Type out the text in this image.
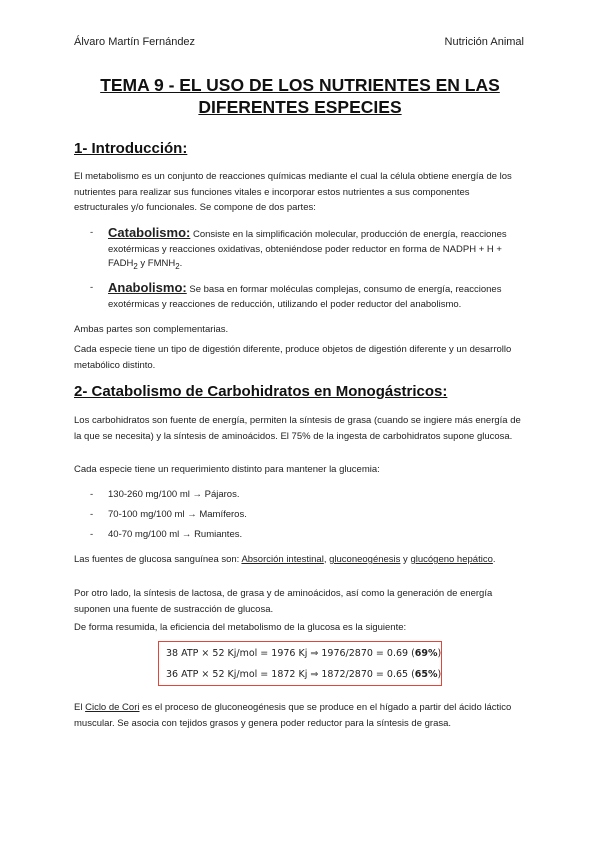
Álvaro Martín Fernández	Nutrición Animal
TEMA 9 - EL USO DE LOS NUTRIENTES EN LAS DIFERENTES ESPECIES
1- Introducción:
El metabolismo es un conjunto de reacciones químicas mediante el cual la célula obtiene energía de los nutrientes para realizar sus funciones vitales e incorporar estos nutrientes a sus componentes estructurales y/o funcionales. Se compone de dos partes:
- Catabolismo: Consiste en la simplificación molecular, producción de energía, reacciones exotérmicas y reacciones oxidativas, obteniéndose poder reductor en forma de NADPH + $H + FADH_2$ y $FMNH_2$.
- Anabolismo: Se basa en formar moléculas complejas, consumo de energía, reacciones exotérmicas y reacciones de reducción, utilizando el poder reductor del anabolismo.
Ambas partes son complementarias.
Cada especie tiene un tipo de digestión diferente, produce objetos de digestión diferente y un desarrollo metabólico distinto.
2- Catabolismo de Carbohidratos en Monogástricos:
Los carbohidratos son fuente de energía, permiten la síntesis de grasa (cuando se ingiere más energía de la que se necesita) y la síntesis de aminoácidos. El 75% de la ingesta de carbohidratos supone glucosa.
Cada especie tiene un requerimiento distinto para mantener la glucemia:
- 130-260 mg/100 ml → Pájaros.
- 70-100 mg/100 ml → Mamíferos.
- 40-70 mg/100 ml → Rumiantes.
Las fuentes de glucosa sanguínea son: Absorción intestinal, gluconeogénesis y glucógeno hepático.
Por otro lado, la síntesis de lactosa, de grasa y de aminoácidos, así como la generación de energía suponen una fuente de sustracción de glucosa.
De forma resumida, la eficiencia del metabolismo de la glucosa es la siguiente:
38 ATP × 52 Kj/mol = 1976 Kj ⇒ 1976/2870 = 0.69 (69%)
36 ATP × 52 Kj/mol = 1872 Kj ⇒ 1872/2870 = 0.65 (65%)
El Ciclo de Cori es el proceso de gluconeogénesis que se produce en el hígado a partir del ácido láctico muscular. Se asocia con tejidos grasos y genera poder reductor para la síntesis de grasa.
